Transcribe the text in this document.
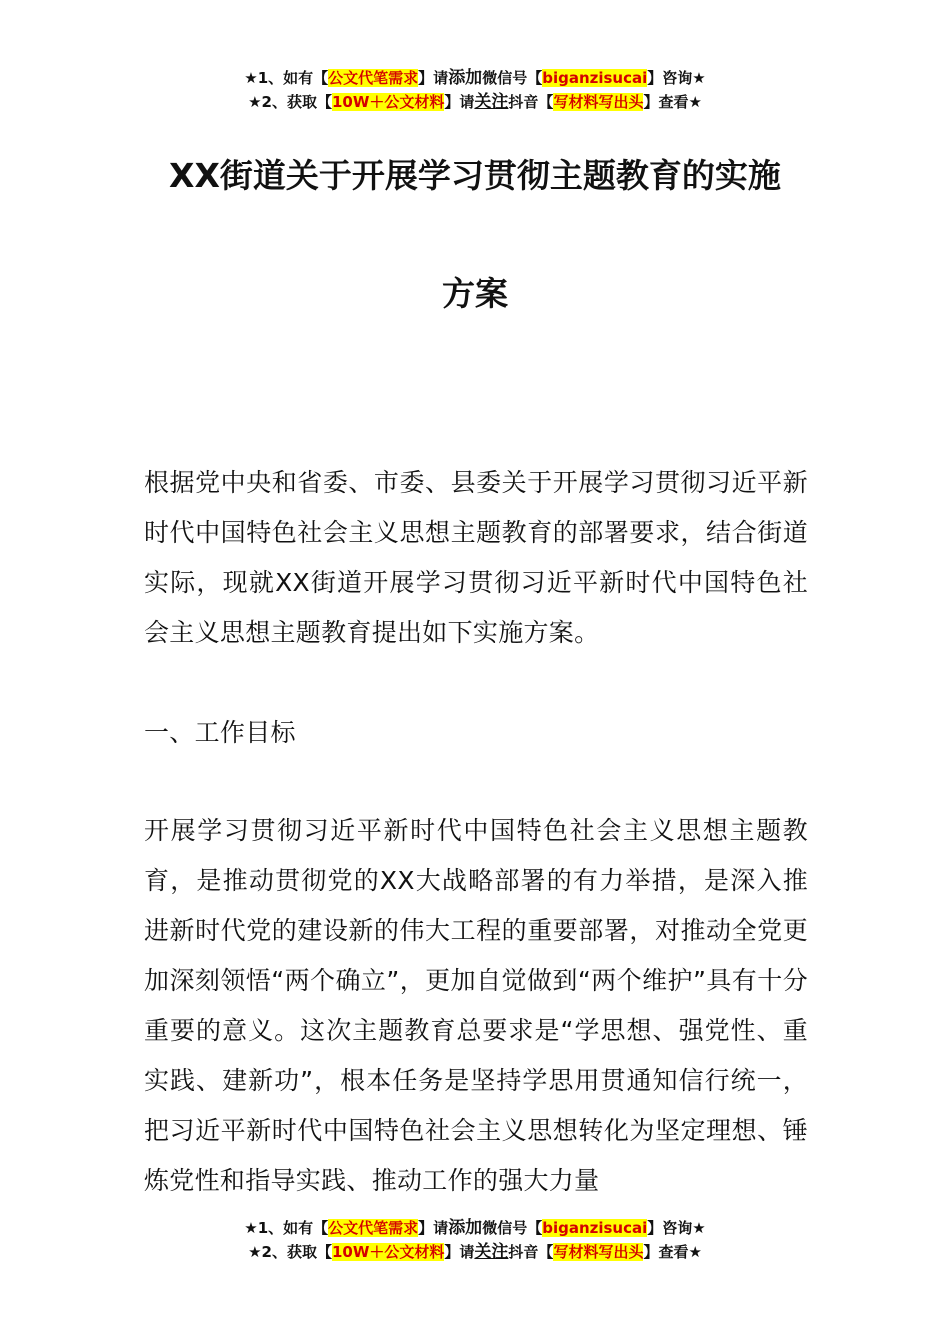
★1、如有【公文代笔需求】请添加微信号【biganzisucai】咨询★
★2、获取【10W＋公文材料】请关注抖音【写材料写出头】查看★
XX街道关于开展学习贯彻主题教育的实施
方案

根据党中央和省委、市委、县委关于开展学习贯彻习近平新时代中国特色社会主义思想主题教育的部署要求，结合街道实际，现就XX街道开展学习贯彻习近平新时代中国特色社会主义思想主题教育提出如下实施方案。

一、工作目标

开展学习贯彻习近平新时代中国特色社会主义思想主题教育，是推动贯彻党的XX大战略部署的有力举措，是深入推进新时代党的建设新的伟大工程的重要部署，对推动全党更加深刻领悟“两个确立”，更加自觉做到“两个维护”具有十分重要的意义。这次主题教育总要求是“学思想、强党性、重实践、建新功”，根本任务是坚持学思用贯通知信行统一，把习近平新时代中国特色社会主义思想转化为坚定理想、锤炼党性和指导实践、推动工作的强大力量

★1、如有【公文代笔需求】请添加微信号【biganzisucai】咨询★
★2、获取【10W＋公文材料】请关注抖音【写材料写出头】查看★
